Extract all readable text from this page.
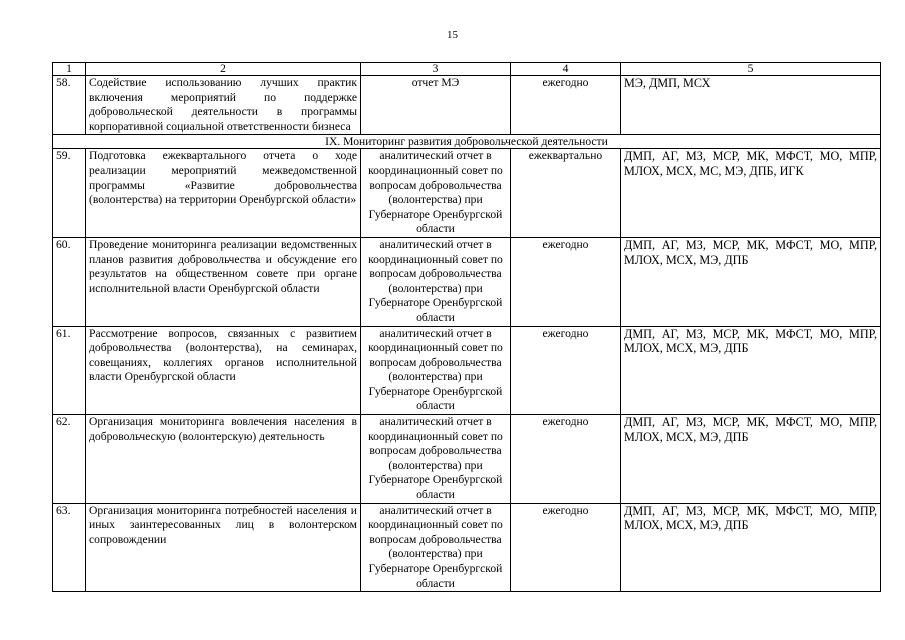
15
1	2	3	4	5
58.	Содействие использованию лучших практик включения мероприятий по поддержке добровольческой деятельности в программы корпоративной социальной ответственности бизнеса	отчет МЭ	ежегодно	МЭ, ДМП, МСХ
IX. Мониторинг развития добровольческой деятельности				
59.	Подготовка ежеквартального отчета о ходе реализации мероприятий межведомственной программы «Развитие добровольчества (волонтерства) на территории Оренбургской области»	аналитический отчет в координационный совет по вопросам добровольчества (волонтерства) при Губернаторе Оренбургской области	ежеквартально	ДМП, АГ, МЗ, МСР, МК, МФСТ, МО, МПР, МЛОХ, МСХ, МС, МЭ, ДПБ, ИГК
60.	Проведение мониторинга реализации ведомственных планов развития добровольчества и обсуждение его результатов на общественном совете при органе исполнительной власти Оренбургской области	аналитический отчет в координационный совет по вопросам добровольчества (волонтерства) при Губернаторе Оренбургской области	ежегодно	ДМП, АГ, МЗ, МСР, МК, МФСТ, МО, МПР, МЛОХ, МСХ, МЭ, ДПБ
61.	Рассмотрение вопросов, связанных с развитием добровольчества (волонтерства), на семинарах, совещаниях, коллегиях органов исполнительной власти Оренбургской области	аналитический отчет в координационный совет по вопросам добровольчества (волонтерства) при Губернаторе Оренбургской области	ежегодно	ДМП, АГ, МЗ, МСР, МК, МФСТ, МО, МПР, МЛОХ, МСХ, МЭ, ДПБ
62.	Организация мониторинга вовлечения населения в добровольческую (волонтерскую) деятельность	аналитический отчет в координационный совет по вопросам добровольчества (волонтерства) при Губернаторе Оренбургской области	ежегодно	ДМП, АГ, МЗ, МСР, МК, МФСТ, МО, МПР, МЛОХ, МСХ, МЭ, ДПБ
63.	Организация мониторинга потребностей населения и иных заинтересованных лиц в волонтерском сопровождении	аналитический отчет в координационный совет по вопросам добровольчества (волонтерства) при Губернаторе Оренбургской области	ежегодно	ДМП, АГ, МЗ, МСР, МК, МФСТ, МО, МПР, МЛОХ, МСХ, МЭ, ДПБ
